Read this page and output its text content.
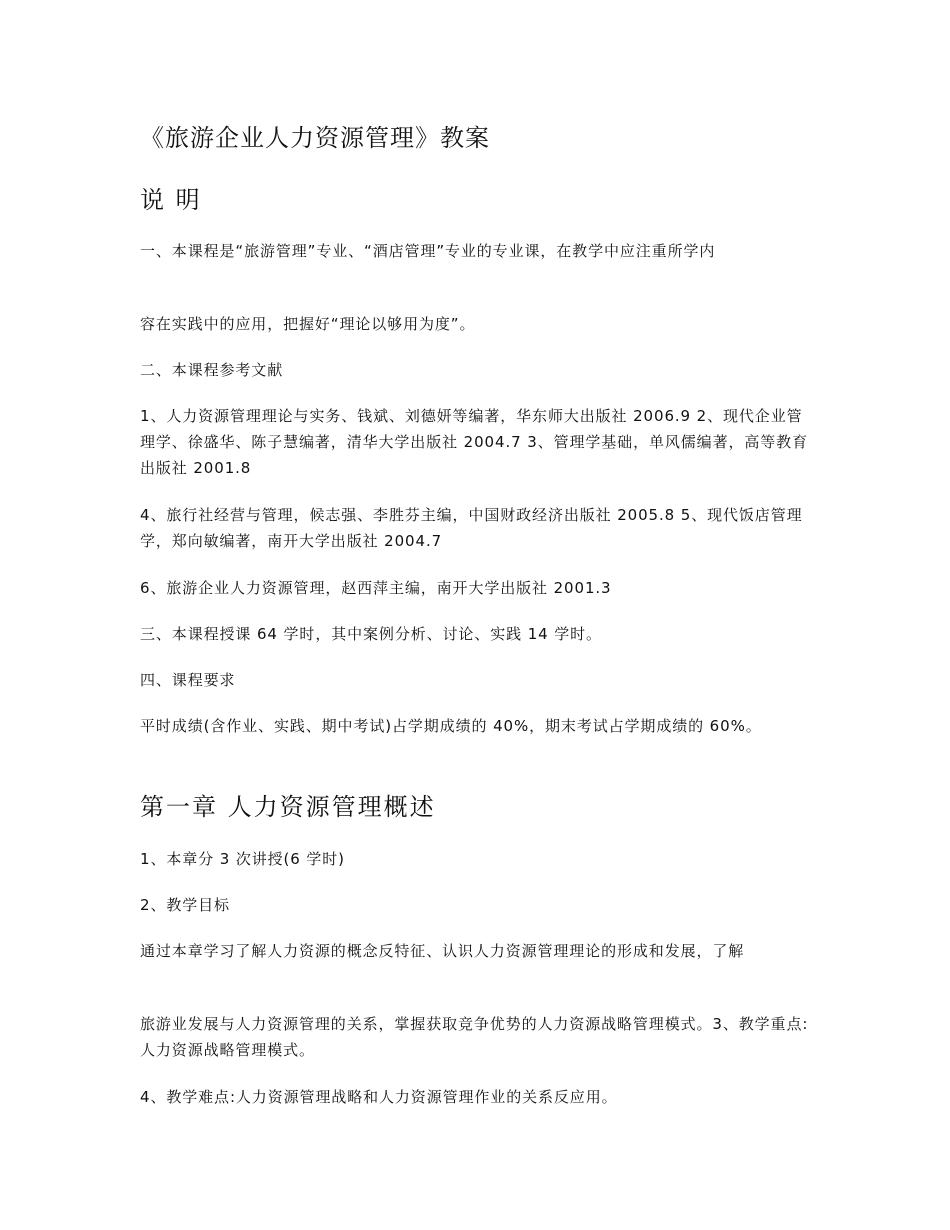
《旅游企业人力资源管理》教案
说 明
一、本课程是“旅游管理”专业、“酒店管理”专业的专业课，在教学中应注重所学内
容在实践中的应用，把握好“理论以够用为度”。
二、本课程参考文献
1、人力资源管理理论与实务、钱斌、刘德妍等编著，华东师大出版社 2006.9 2、现代企业管理学、徐盛华、陈子慧编著，清华大学出版社 2004.7 3、管理学基础，单风儒编著，高等教育出版社 2001.8
4、旅行社经营与管理，候志强、李胜芬主编，中国财政经济出版社 2005.8 5、现代饭店管理学，郑向敏编著，南开大学出版社 2004.7
6、旅游企业人力资源管理，赵西萍主编，南开大学出版社 2001.3
三、本课程授课 64 学时，其中案例分析、讨论、实践 14 学时。
四、课程要求
平时成绩(含作业、实践、期中考试)占学期成绩的 40%，期末考试占学期成绩的 60%。
第一章 人力资源管理概述
1、本章分 3 次讲授(6 学时)
2、教学目标
通过本章学习了解人力资源的概念反特征、认识人力资源管理理论的形成和发展，了解
旅游业发展与人力资源管理的关系，掌握获取竞争优势的人力资源战略管理模式。3、教学重点:人力资源战略管理模式。
4、教学难点:人力资源管理战略和人力资源管理作业的关系反应用。
